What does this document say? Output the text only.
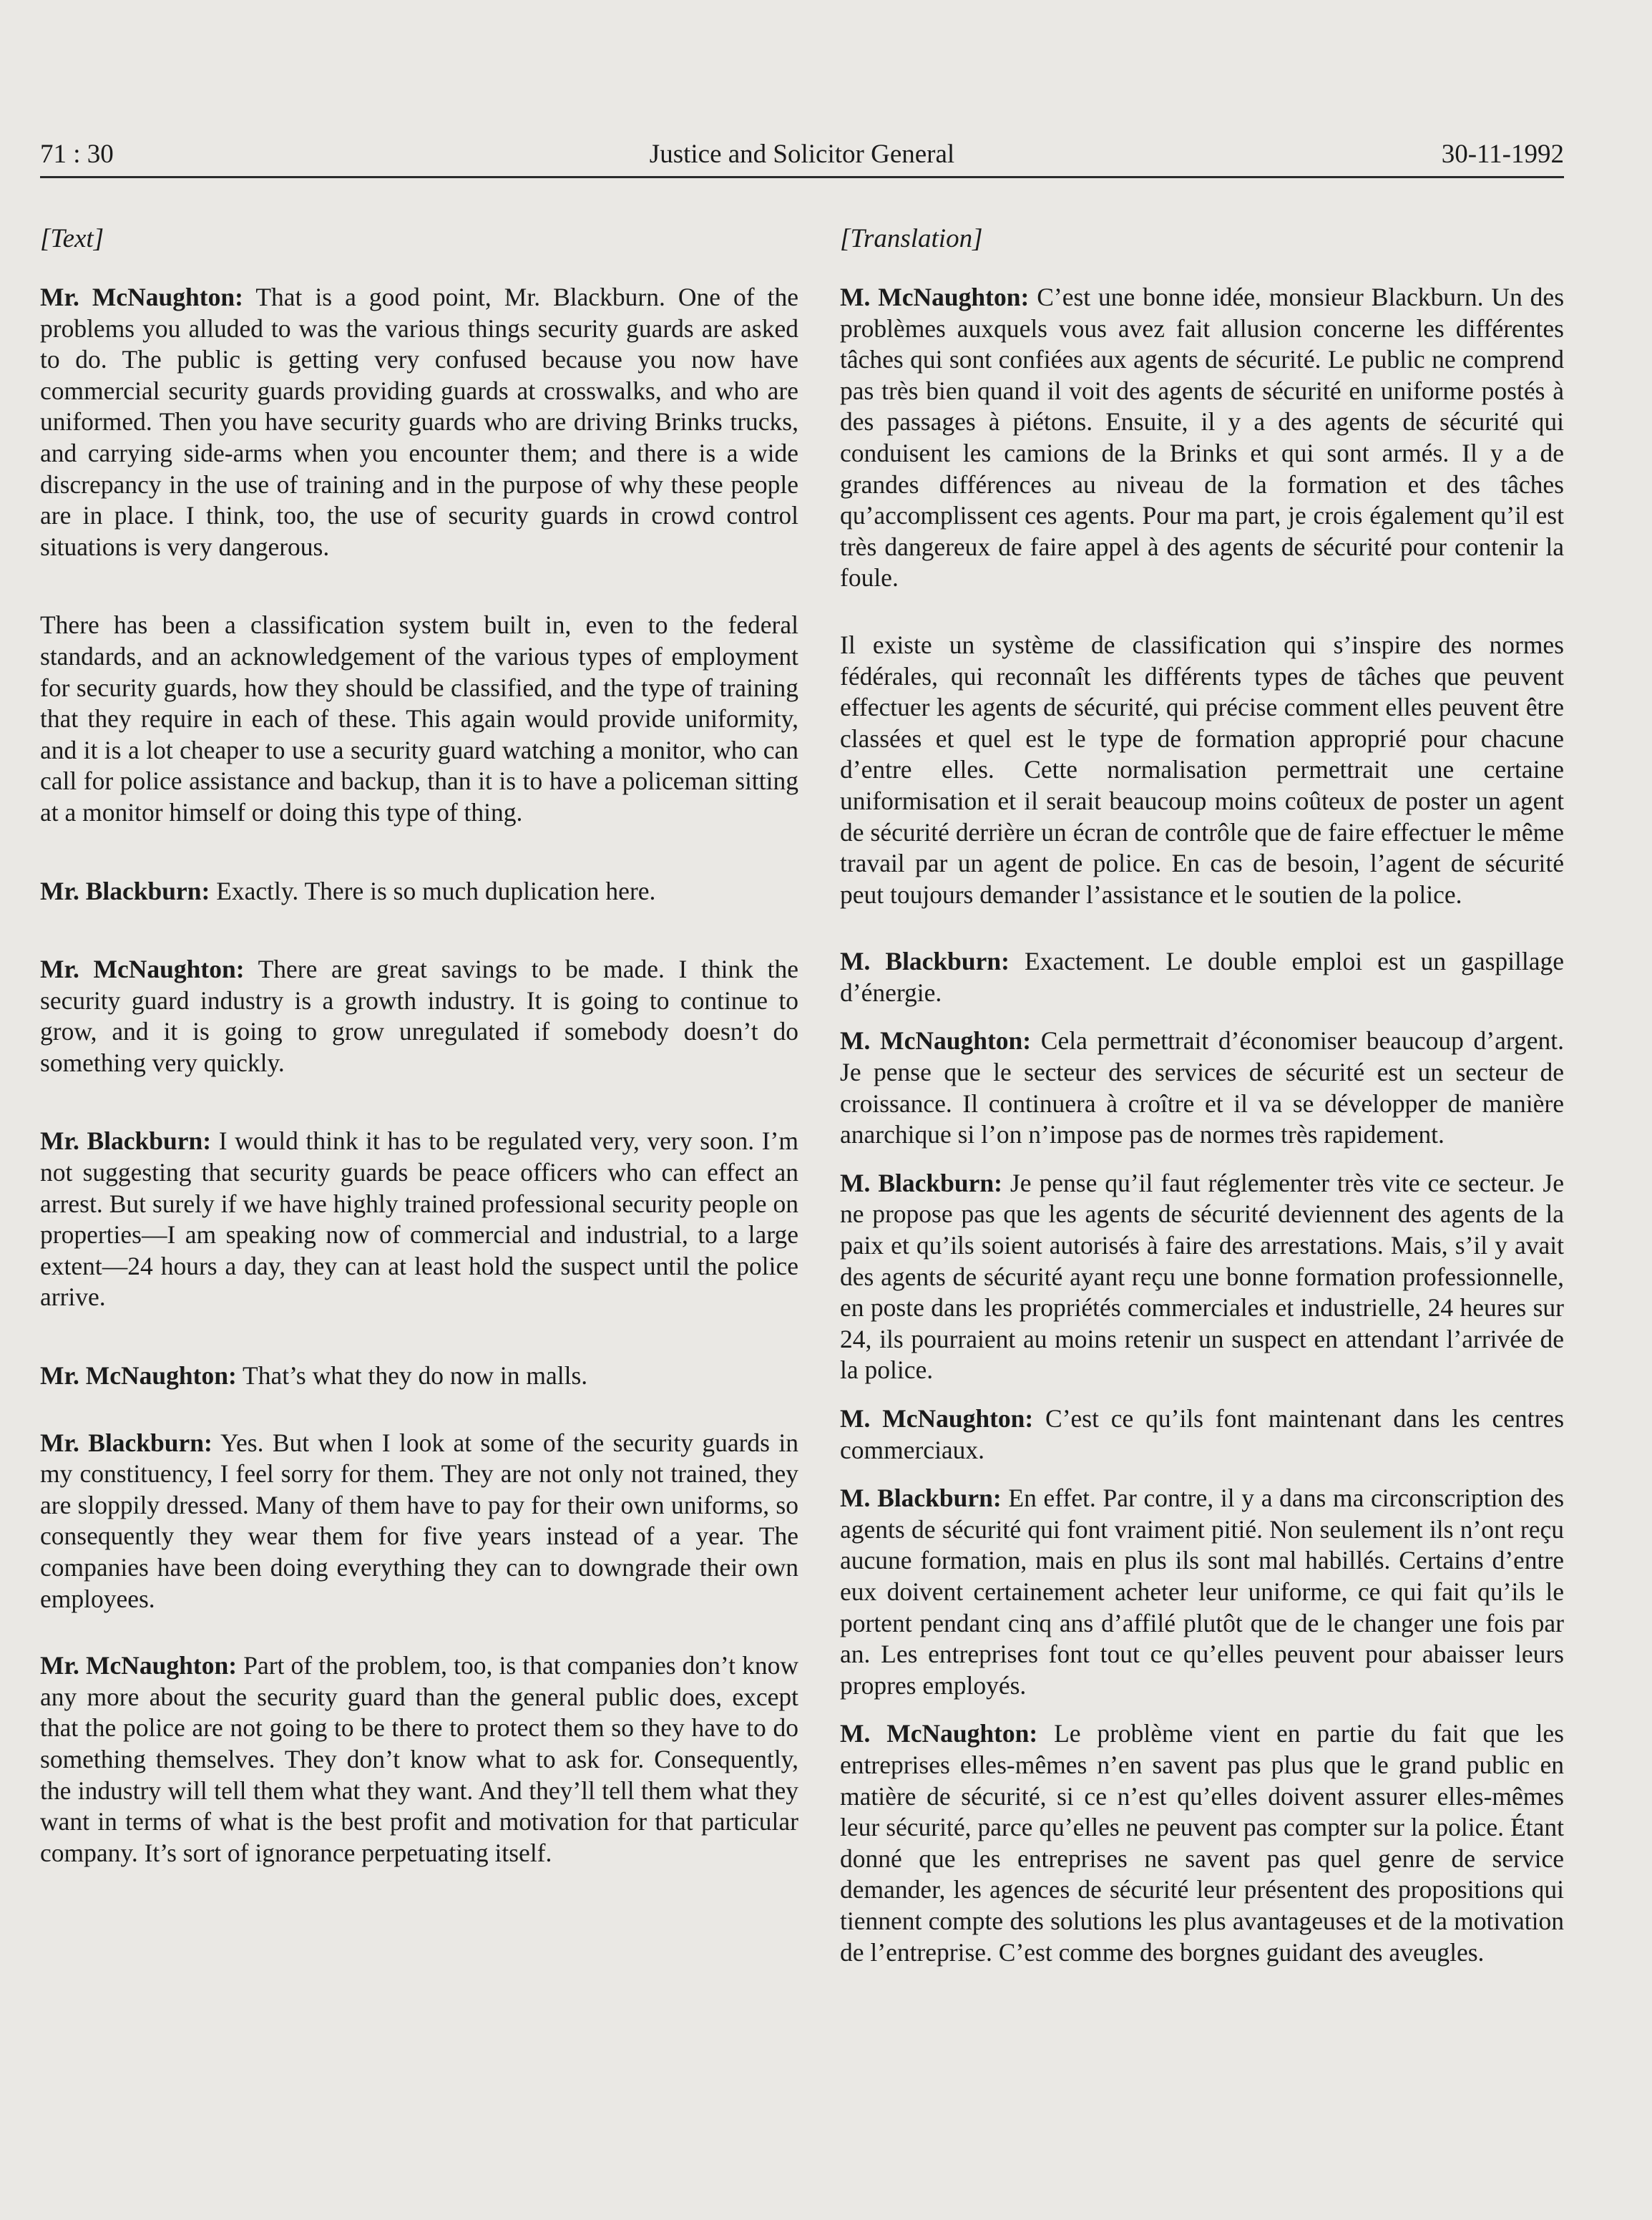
71 : 30	Justice and Solicitor General	30-11-1992

[Text]

Mr. McNaughton: That is a good point, Mr. Blackburn. One of the problems you alluded to was the various things security guards are asked to do. The public is getting very confused because you now have commercial security guards providing guards at crosswalks, and who are uniformed. Then you have security guards who are driving Brinks trucks, and carrying side-arms when you encounter them; and there is a wide discrepancy in the use of training and in the purpose of why these people are in place. I think, too, the use of security guards in crowd control situations is very dangerous.

There has been a classification system built in, even to the federal standards, and an acknowledgement of the various types of employment for security guards, how they should be classified, and the type of training that they require in each of these. This again would provide uniformity, and it is a lot cheaper to use a security guard watching a monitor, who can call for police assistance and backup, than it is to have a policeman sitting at a monitor himself or doing this type of thing.

Mr. Blackburn: Exactly. There is so much duplication here.

Mr. McNaughton: There are great savings to be made. I think the security guard industry is a growth industry. It is going to continue to grow, and it is going to grow unregulated if somebody doesn’t do something very quickly.

Mr. Blackburn: I would think it has to be regulated very, very soon. I’m not suggesting that security guards be peace officers who can effect an arrest. But surely if we have highly trained professional security people on properties—I am speaking now of commercial and industrial, to a large extent—24 hours a day, they can at least hold the suspect until the police arrive.

Mr. McNaughton: That’s what they do now in malls.

Mr. Blackburn: Yes. But when I look at some of the security guards in my constituency, I feel sorry for them. They are not only not trained, they are sloppily dressed. Many of them have to pay for their own uniforms, so consequently they wear them for five years instead of a year. The companies have been doing everything they can to downgrade their own employees.

Mr. McNaughton: Part of the problem, too, is that companies don’t know any more about the security guard than the general public does, except that the police are not going to be there to protect them so they have to do something themselves. They don’t know what to ask for. Consequently, the industry will tell them what they want. And they’ll tell them what they want in terms of what is the best profit and motivation for that particular company. It’s sort of ignorance perpetuating itself.

[Translation]

M. McNaughton: C’est une bonne idée, monsieur Blackburn. Un des problèmes auxquels vous avez fait allusion concerne les différentes tâches qui sont confiées aux agents de sécurité. Le public ne comprend pas très bien quand il voit des agents de sécurité en uniforme postés à des passages à piétons. Ensuite, il y a des agents de sécurité qui conduisent les camions de la Brinks et qui sont armés. Il y a de grandes différences au niveau de la formation et des tâches qu’accomplissent ces agents. Pour ma part, je crois également qu’il est très dangereux de faire appel à des agents de sécurité pour contenir la foule.

Il existe un système de classification qui s’inspire des normes fédérales, qui reconnaît les différents types de tâches que peuvent effectuer les agents de sécurité, qui précise comment elles peuvent être classées et quel est le type de formation approprié pour chacune d’entre elles. Cette normalisation permettrait une certaine uniformisation et il serait beaucoup moins coûteux de poster un agent de sécurité derrière un écran de contrôle que de faire effectuer le même travail par un agent de police. En cas de besoin, l’agent de sécurité peut toujours demander l’assistance et le soutien de la police.

M. Blackburn: Exactement. Le double emploi est un gaspillage d’énergie.

M. McNaughton: Cela permettrait d’économiser beaucoup d’argent. Je pense que le secteur des services de sécurité est un secteur de croissance. Il continuera à croître et il va se développer de manière anarchique si l’on n’impose pas de normes très rapidement.

M. Blackburn: Je pense qu’il faut réglementer très vite ce secteur. Je ne propose pas que les agents de sécurité deviennent des agents de la paix et qu’ils soient autorisés à faire des arrestations. Mais, s’il y avait des agents de sécurité ayant reçu une bonne formation professionnelle, en poste dans les propriétés commerciales et industrielle, 24 heures sur 24, ils pourraient au moins retenir un suspect en attendant l’arrivée de la police.

M. McNaughton: C’est ce qu’ils font maintenant dans les centres commerciaux.

M. Blackburn: En effet. Par contre, il y a dans ma circonscription des agents de sécurité qui font vraiment pitié. Non seulement ils n’ont reçu aucune formation, mais en plus ils sont mal habillés. Certains d’entre eux doivent certainement acheter leur uniforme, ce qui fait qu’ils le portent pendant cinq ans d’affilé plutôt que de le changer une fois par an. Les entreprises font tout ce qu’elles peuvent pour abaisser leurs propres employés.

M. McNaughton: Le problème vient en partie du fait que les entreprises elles-mêmes n’en savent pas plus que le grand public en matière de sécurité, si ce n’est qu’elles doivent assurer elles-mêmes leur sécurité, parce qu’elles ne peuvent pas compter sur la police. Étant donné que les entreprises ne savent pas quel genre de service demander, les agences de sécurité leur présentent des propositions qui tiennent compte des solutions les plus avantageuses et de la motivation de l’entreprise. C’est comme des borgnes guidant des aveugles.
